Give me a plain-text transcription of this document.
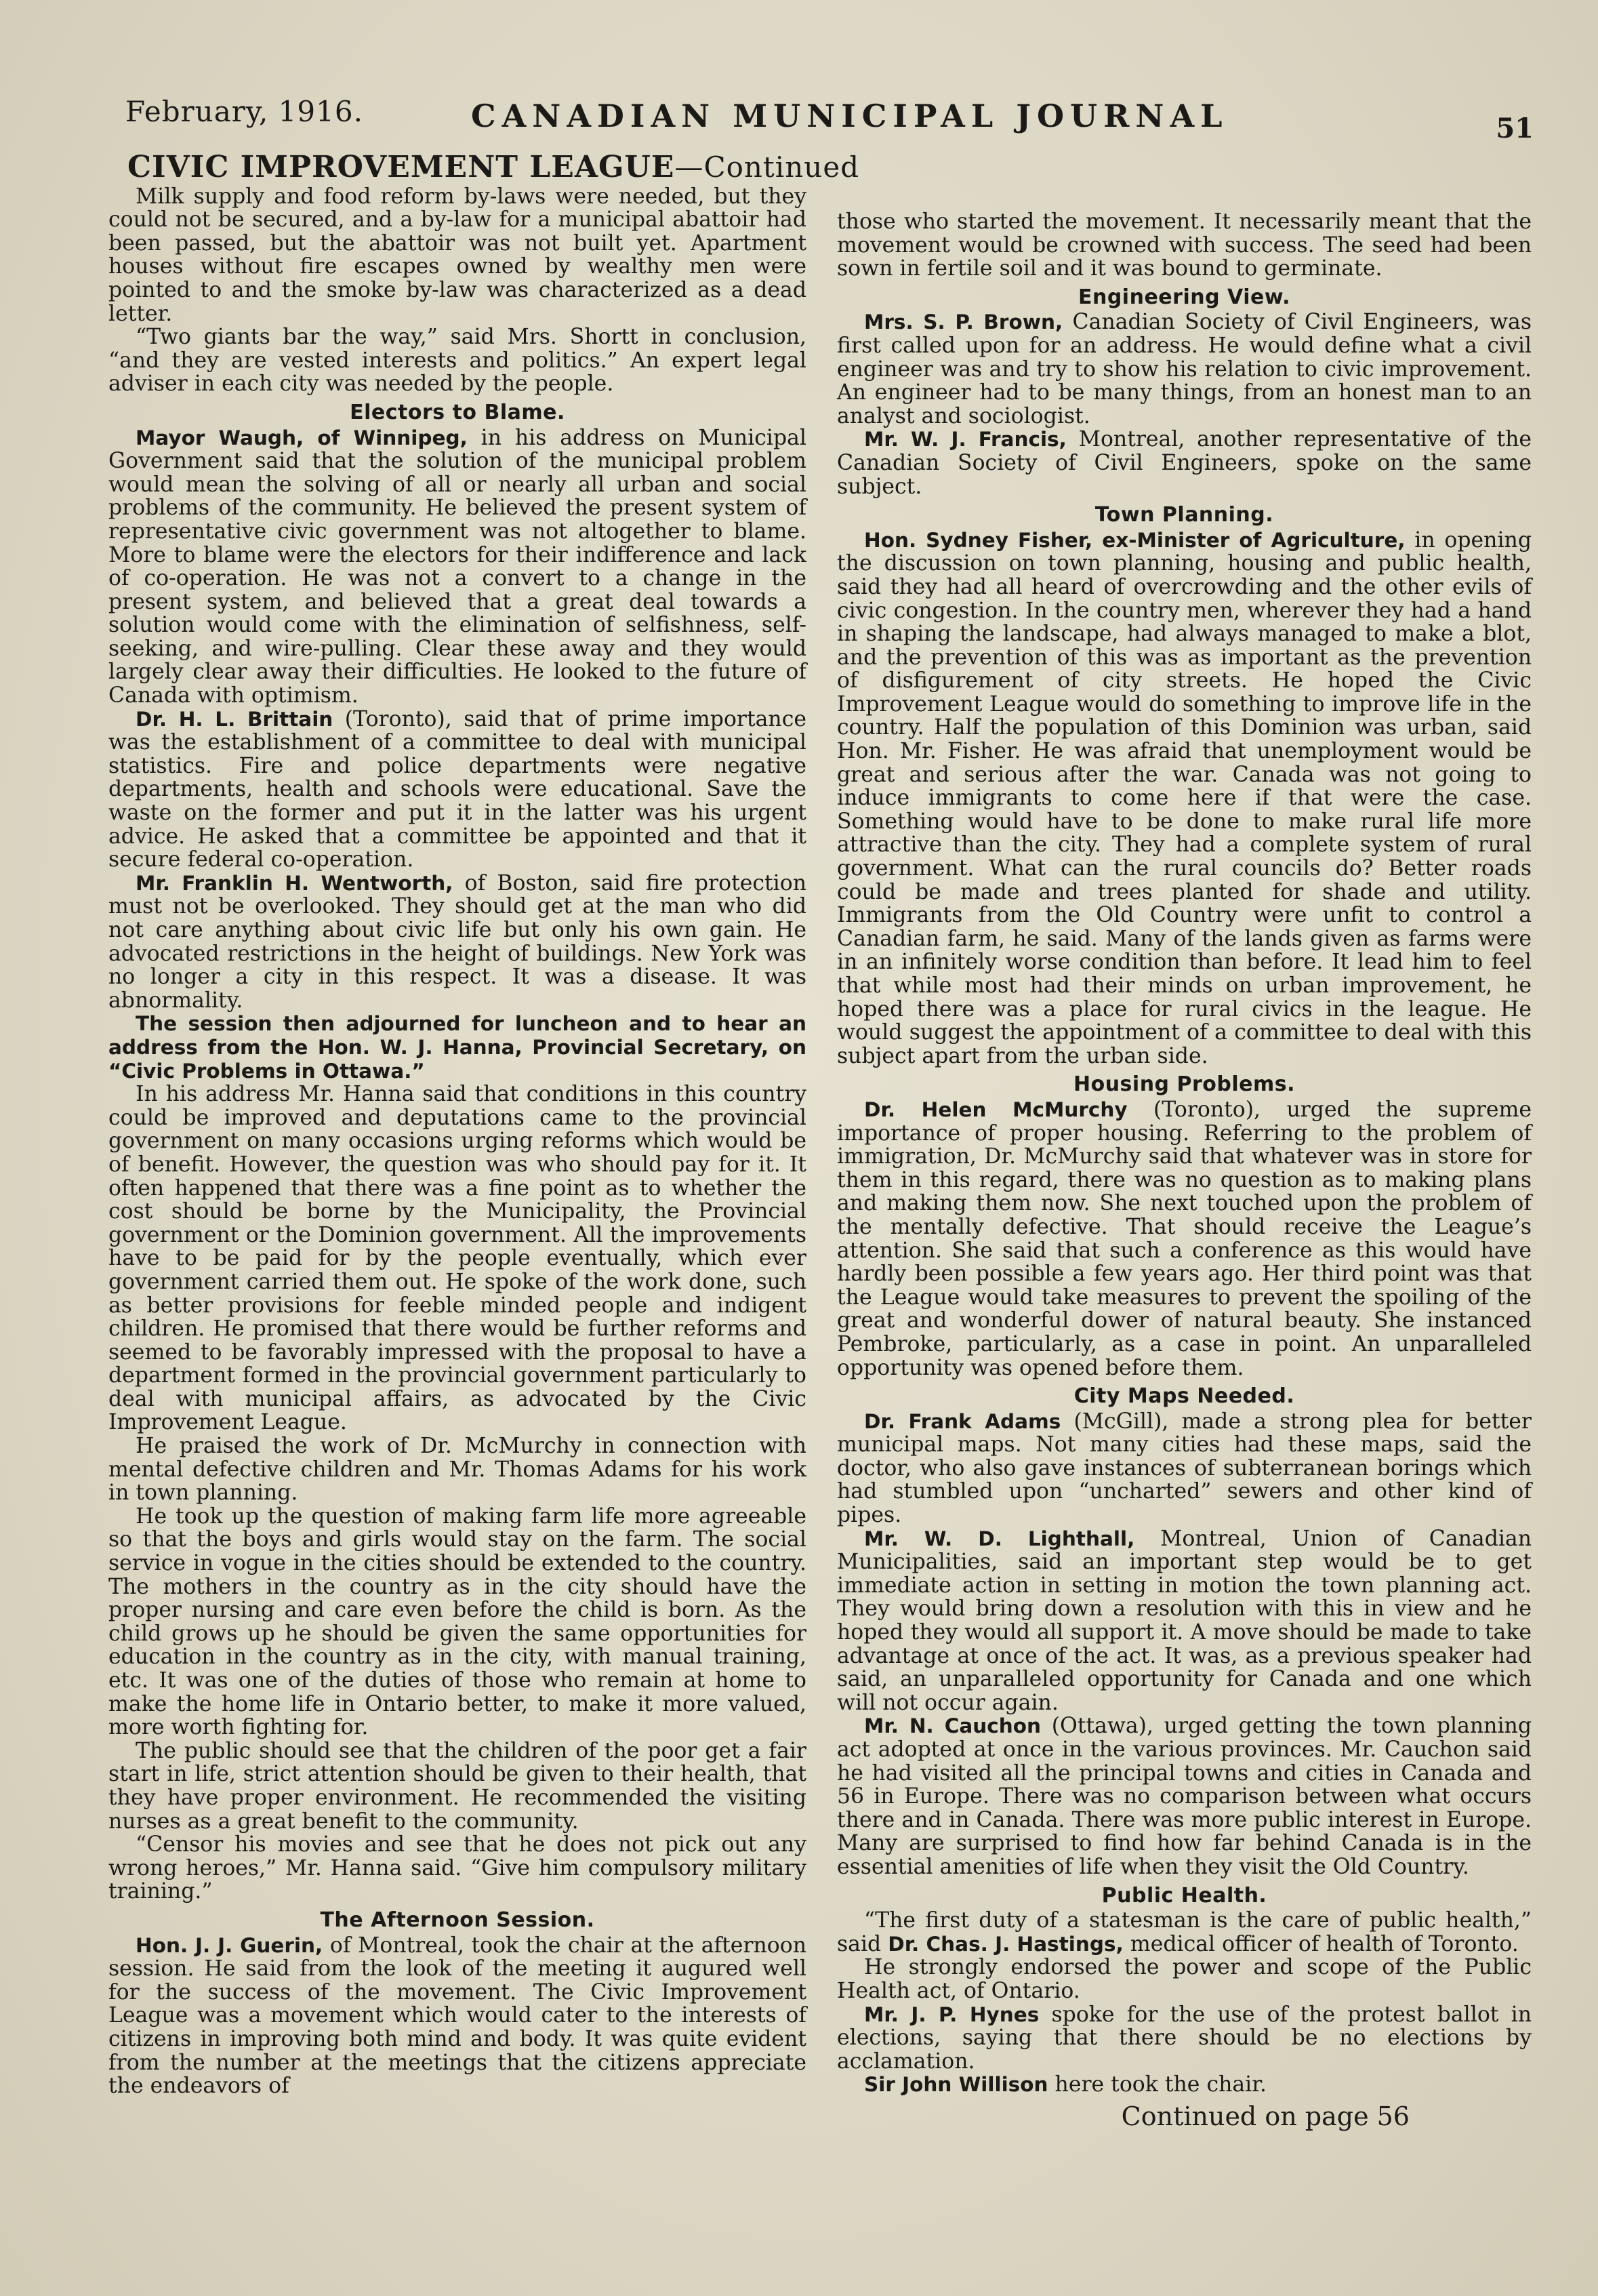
February, 1916.	CANADIAN MUNICIPAL JOURNAL	51
CIVIC IMPROVEMENT LEAGUE—Continued

Milk supply and food reform by-laws were needed, but they could not be secured, and a by-law for a municipal abattoir had been passed, but the abattoir was not built yet. Apartment houses without fire escapes owned by wealthy men were pointed to and the smoke by-law was characterized as a dead letter.

“Two giants bar the way,” said Mrs. Shortt in conclusion, “and they are vested interests and politics.” An expert legal adviser in each city was needed by the people.

Electors to Blame.

Mayor Waugh, of Winnipeg, in his address on Municipal Government said that the solution of the municipal problem would mean the solving of all or nearly all urban and social problems of the community. He believed the present system of representative civic government was not altogether to blame. More to blame were the electors for their indifference and lack of co-operation. He was not a convert to a change in the present system, and believed that a great deal towards a solution would come with the elimination of selfishness, self-seeking, and wire-pulling. Clear these away and they would largely clear away their difficulties. He looked to the future of Canada with optimism.

Dr. H. L. Brittain (Toronto), said that of prime importance was the establishment of a committee to deal with municipal statistics. Fire and police departments were negative departments, health and schools were educational. Save the waste on the former and put it in the latter was his urgent advice. He asked that a committee be appointed and that it secure federal co-operation.

Mr. Franklin H. Wentworth, of Boston, said fire protection must not be overlooked. They should get at the man who did not care anything about civic life but only his own gain. He advocated restrictions in the height of buildings. New York was no longer a city in this respect. It was a disease. It was abnormality.

The session then adjourned for luncheon and to hear an address from the Hon. W. J. Hanna, Provincial Secretary, on “Civic Problems in Ottawa.”

In his address Mr. Hanna said that conditions in this country could be improved and deputations came to the provincial government on many occasions urging reforms which would be of benefit. However, the question was who should pay for it. It often happened that there was a fine point as to whether the cost should be borne by the Municipality, the Provincial government or the Dominion government. All the improvements have to be paid for by the people eventually, which ever government carried them out. He spoke of the work done, such as better provisions for feeble minded people and indigent children. He promised that there would be further reforms and seemed to be favorably impressed with the proposal to have a department formed in the provincial government particularly to deal with municipal affairs, as advocated by the Civic Improvement League.

He praised the work of Dr. McMurchy in connection with mental defective children and Mr. Thomas Adams for his work in town planning.

He took up the question of making farm life more agreeable so that the boys and girls would stay on the farm. The social service in vogue in the cities should be extended to the country. The mothers in the country as in the city should have the proper nursing and care even before the child is born. As the child grows up he should be given the same opportunities for education in the country as in the city, with manual training, etc. It was one of the duties of those who remain at home to make the home life in Ontario better, to make it more valued, more worth fighting for.

The public should see that the children of the poor get a fair start in life, strict attention should be given to their health, that they have proper environment. He recommended the visiting nurses as a great benefit to the community.

“Censor his movies and see that he does not pick out any wrong heroes,” Mr. Hanna said. “Give him compulsory military training.”

The Afternoon Session.

Hon. J. J. Guerin, of Montreal, took the chair at the afternoon session. He said from the look of the meeting it augured well for the success of the movement. The Civic Improvement League was a movement which would cater to the interests of citizens in improving both mind and body. It was quite evident from the number at the meetings that the citizens appreciate the endeavors of

those who started the movement. It necessarily meant that the movement would be crowned with success. The seed had been sown in fertile soil and it was bound to germinate.

Engineering View.

Mrs. S. P. Brown, Canadian Society of Civil Engineers, was first called upon for an address. He would define what a civil engineer was and try to show his relation to civic improvement. An engineer had to be many things, from an honest man to an analyst and sociologist.

Mr. W. J. Francis, Montreal, another representative of the Canadian Society of Civil Engineers, spoke on the same subject.

Town Planning.

Hon. Sydney Fisher, ex-Minister of Agriculture, in opening the discussion on town planning, housing and public health, said they had all heard of overcrowding and the other evils of civic congestion. In the country men, wherever they had a hand in shaping the landscape, had always managed to make a blot, and the prevention of this was as important as the prevention of disfigurement of city streets. He hoped the Civic Improvement League would do something to improve life in the country. Half the population of this Dominion was urban, said Hon. Mr. Fisher. He was afraid that unemployment would be great and serious after the war. Canada was not going to induce immigrants to come here if that were the case. Something would have to be done to make rural life more attractive than the city. They had a complete system of rural government. What can the rural councils do? Better roads could be made and trees planted for shade and utility. Immigrants from the Old Country were unfit to control a Canadian farm, he said. Many of the lands given as farms were in an infinitely worse condition than before. It lead him to feel that while most had their minds on urban improvement, he hoped there was a place for rural civics in the league. He would suggest the appointment of a committee to deal with this subject apart from the urban side.

Housing Problems.

Dr. Helen McMurchy (Toronto), urged the supreme importance of proper housing. Referring to the problem of immigration, Dr. McMurchy said that whatever was in store for them in this regard, there was no question as to making plans and making them now. She next touched upon the problem of the mentally defective. That should receive the League’s attention. She said that such a conference as this would have hardly been possible a few years ago. Her third point was that the League would take measures to prevent the spoiling of the great and wonderful dower of natural beauty. She instanced Pembroke, particularly, as a case in point. An unparalleled opportunity was opened before them.

City Maps Needed.

Dr. Frank Adams (McGill), made a strong plea for better municipal maps. Not many cities had these maps, said the doctor, who also gave instances of subterranean borings which had stumbled upon “uncharted” sewers and other kind of pipes.

Mr. W. D. Lighthall, Montreal, Union of Canadian Municipalities, said an important step would be to get immediate action in setting in motion the town planning act. They would bring down a resolution with this in view and he hoped they would all support it. A move should be made to take advantage at once of the act. It was, as a previous speaker had said, an unparalleled opportunity for Canada and one which will not occur again.

Mr. N. Cauchon (Ottawa), urged getting the town planning act adopted at once in the various provinces. Mr. Cauchon said he had visited all the principal towns and cities in Canada and 56 in Europe. There was no comparison between what occurs there and in Canada. There was more public interest in Europe. Many are surprised to find how far behind Canada is in the essential amenities of life when they visit the Old Country.

Public Health.

“The first duty of a statesman is the care of public health,” said Dr. Chas. J. Hastings, medical officer of health of Toronto.

He strongly endorsed the power and scope of the Public Health act, of Ontario.

Mr. J. P. Hynes spoke for the use of the protest ballot in elections, saying that there should be no elections by acclamation.

Sir John Willison here took the chair.

Continued on page 56
